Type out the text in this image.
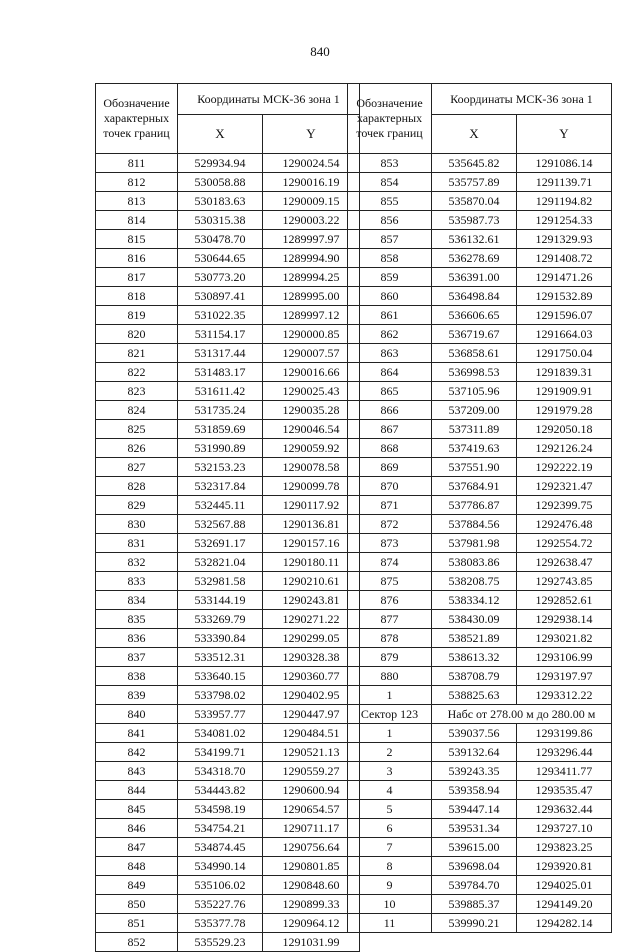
840
Обозначение характерных точек границ	Координаты МСК-36 зона 1	
	X	Y
811	529934.94	1290024.54
812	530058.88	1290016.19
813	530183.63	1290009.15
814	530315.38	1290003.22
815	530478.70	1289997.97
816	530644.65	1289994.90
817	530773.20	1289994.25
818	530897.41	1289995.00
819	531022.35	1289997.12
820	531154.17	1290000.85
821	531317.44	1290007.57
822	531483.17	1290016.66
823	531611.42	1290025.43
824	531735.24	1290035.28
825	531859.69	1290046.54
826	531990.89	1290059.92
827	532153.23	1290078.58
828	532317.84	1290099.78
829	532445.11	1290117.92
830	532567.88	1290136.81
831	532691.17	1290157.16
832	532821.04	1290180.11
833	532981.58	1290210.61
834	533144.19	1290243.81
835	533269.79	1290271.22
836	533390.84	1290299.05
837	533512.31	1290328.38
838	533640.15	1290360.77
839	533798.02	1290402.95
840	533957.77	1290447.97
841	534081.02	1290484.51
842	534199.71	1290521.13
843	534318.70	1290559.27
844	534443.82	1290600.94
845	534598.19	1290654.57
846	534754.21	1290711.17
847	534874.45	1290756.64
848	534990.14	1290801.85
849	535106.02	1290848.60
850	535227.76	1290899.33
851	535377.78	1290964.12
852	535529.23	1291031.99
Обозначение характерных точек границ	Координаты МСК-36 зона 1	
	X	Y
853	535645.82	1291086.14
854	535757.89	1291139.71
855	535870.04	1291194.82
856	535987.73	1291254.33
857	536132.61	1291329.93
858	536278.69	1291408.72
859	536391.00	1291471.26
860	536498.84	1291532.89
861	536606.65	1291596.07
862	536719.67	1291664.03
863	536858.61	1291750.04
864	536998.53	1291839.31
865	537105.96	1291909.91
866	537209.00	1291979.28
867	537311.89	1292050.18
868	537419.63	1292126.24
869	537551.90	1292222.19
870	537684.91	1292321.47
871	537786.87	1292399.75
872	537884.56	1292476.48
873	537981.98	1292554.72
874	538083.86	1292638.47
875	538208.75	1292743.85
876	538334.12	1292852.61
877	538430.09	1292938.14
878	538521.89	1293021.82
879	538613.32	1293106.99
880	538708.79	1293197.97
1	538825.63	1293312.22
Сектор 123	Набс от 278.00 м до 280.00 м	

1	539037.56	1293199.86
2	539132.64	1293296.44
3	539243.35	1293411.77
4	539358.94	1293535.47
5	539447.14	1293632.44
6	539531.34	1293727.10
7	539615.00	1293823.25
8	539698.04	1293920.81
9	539784.70	1294025.01
10	539885.37	1294149.20
11	539990.21	1294282.14
